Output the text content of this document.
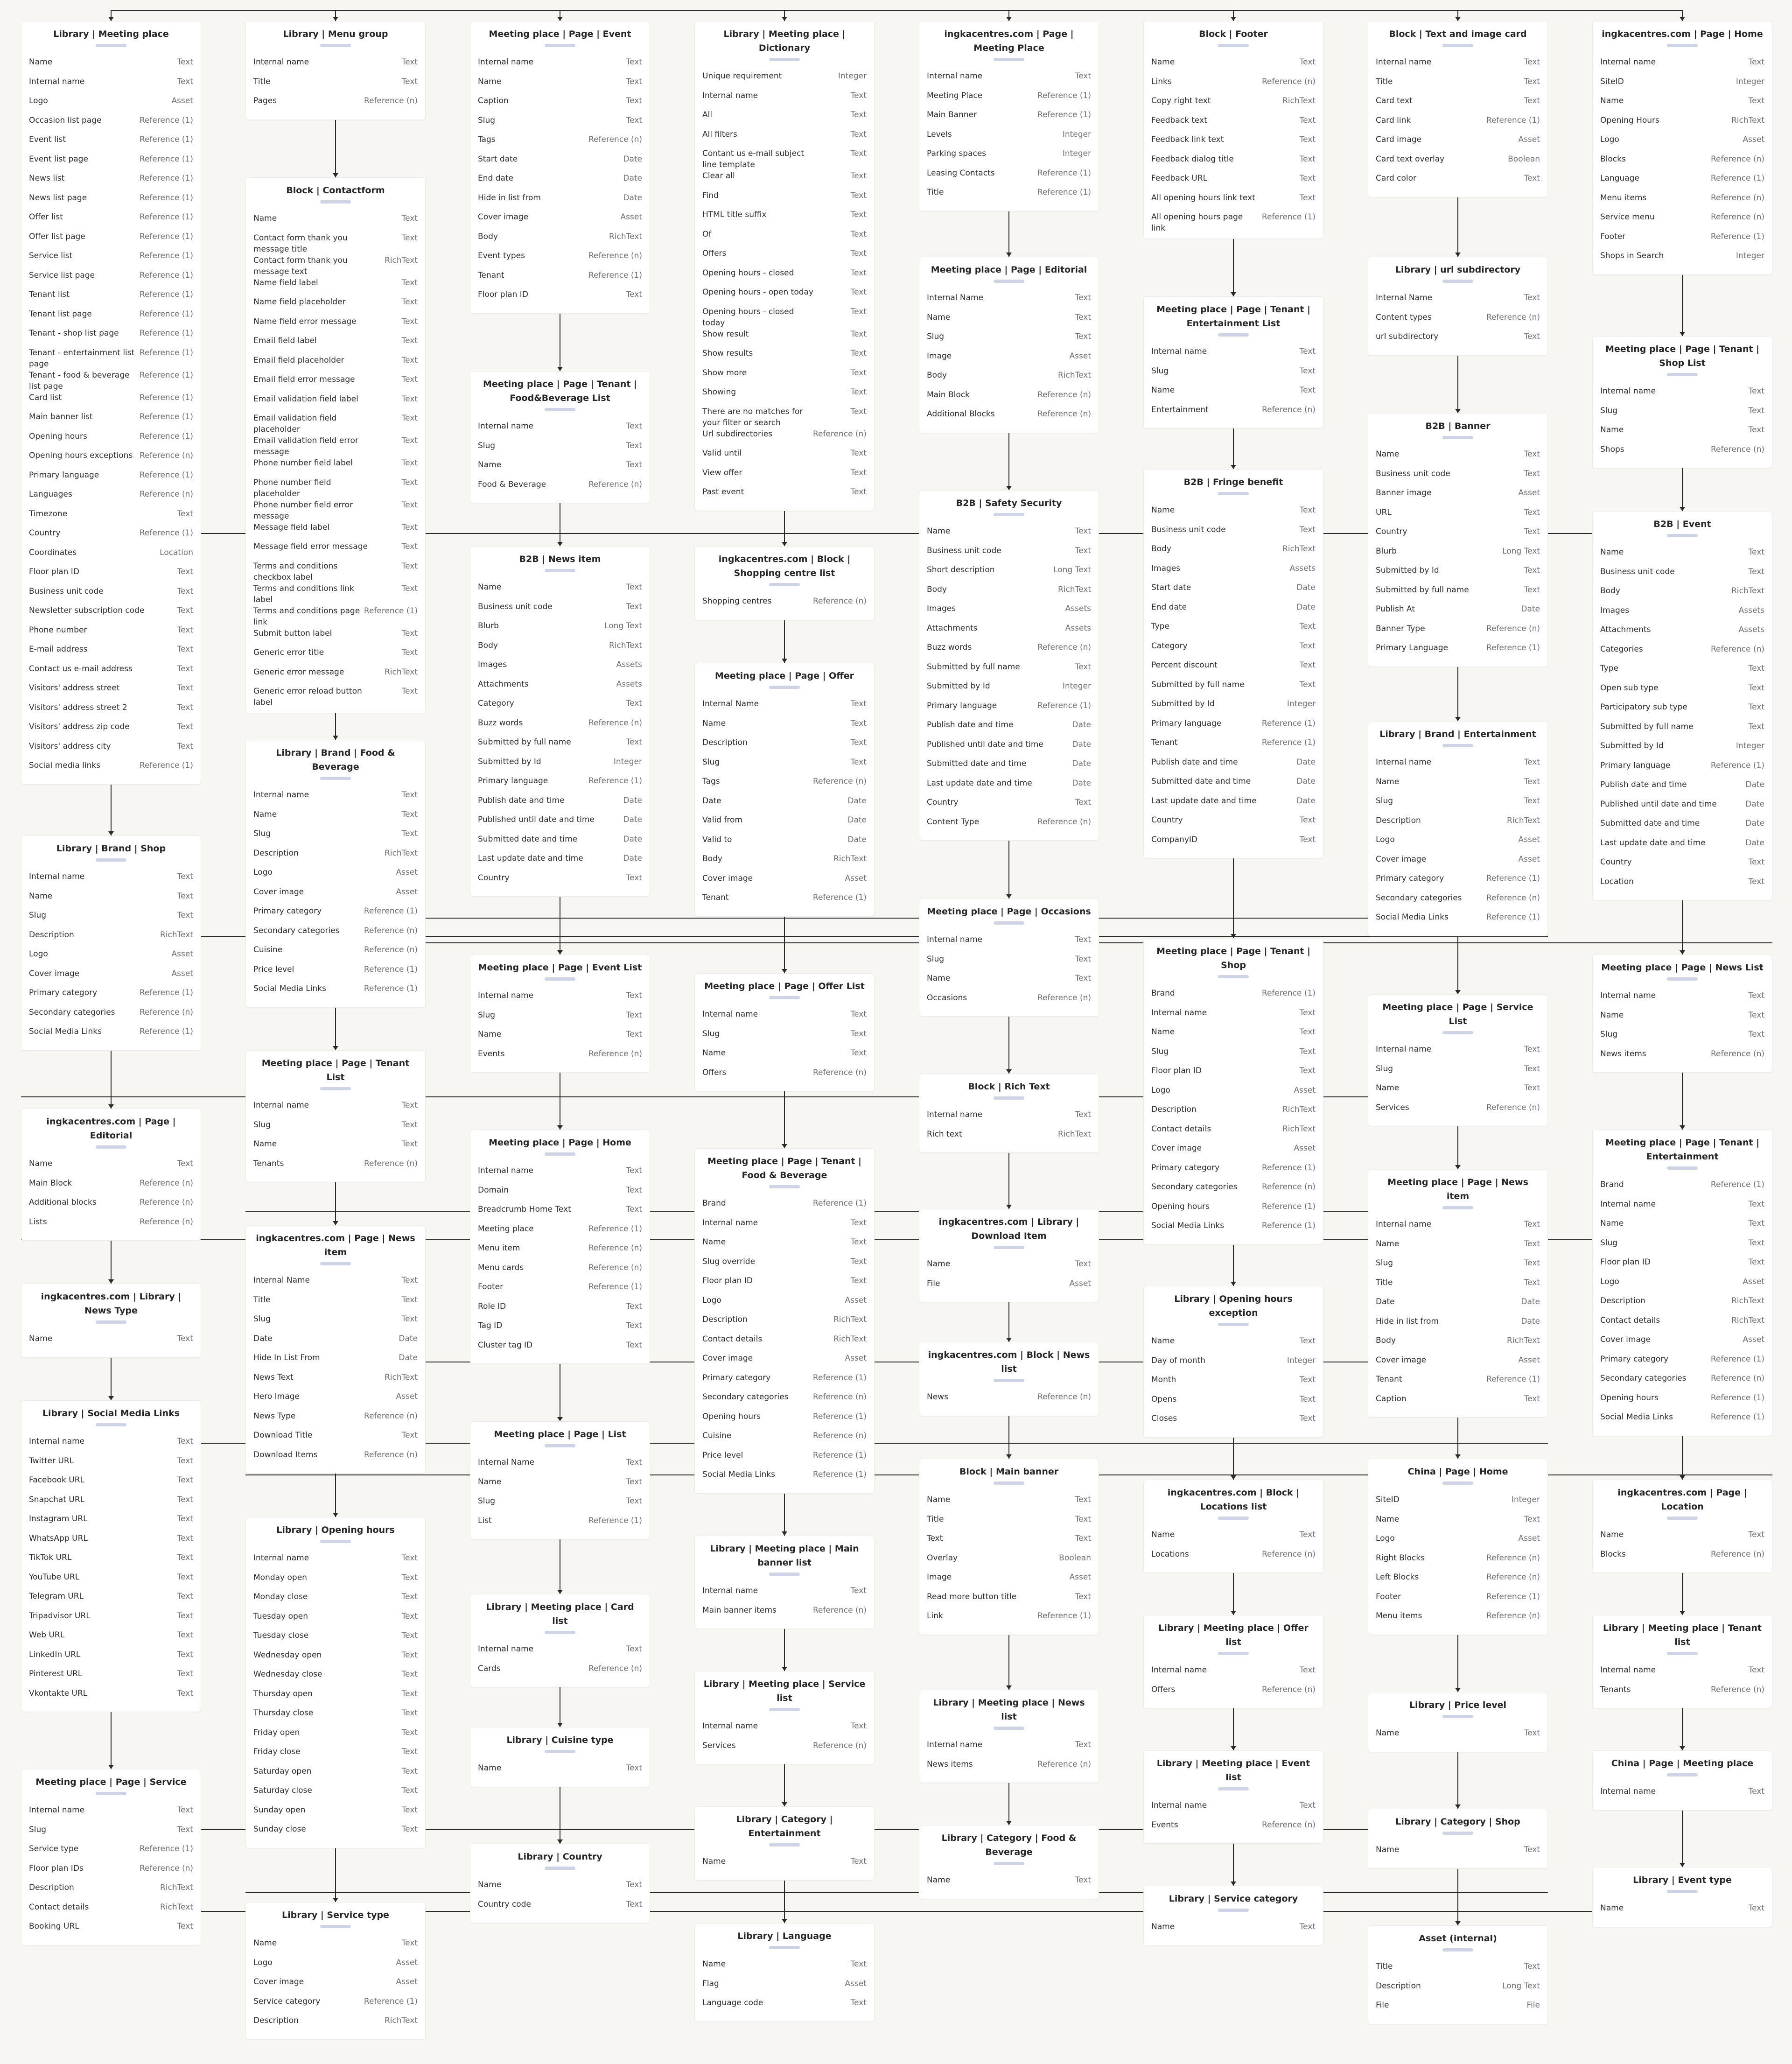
Library | Meeting place
Name	Text
Internal name	Text
Logo	Asset
Occasion list page	Reference (1)
Event list	Reference (1)
Event list page	Reference (1)
News list	Reference (1)
News list page	Reference (1)
Offer list	Reference (1)
Offer list page	Reference (1)
Service list	Reference (1)
Service list page	Reference (1)
Tenant list	Reference (1)
Tenant list page	Reference (1)
Tenant - shop list page	Reference (1)
Tenant - entertainment list page
Reference (1)
Tenant - food & beverage list page
Reference (1)
Card list	Reference (1)
Main banner list	Reference (1)
Opening hours	Reference (1)
Opening hours exceptions Reference (n)
Primary language	Reference (1)
Languages	Reference (n)
Timezone	Text
Country	Reference (1)
Coordinates	Location
Floor plan ID	Text
Business unit code	Text
Newsletter subscription code	Text
Phone number	Text
E-mail address	Text
Contact us e-mail address	Text
Visitors' address street	Text
Visitors' address street 2	Text
Visitors' address zip code	Text
Visitors' address city	Text
Social media links	Reference (1)
Library | Brand | Shop
Internal name	Text
Name	Text
Slug	Text
Description	RichText
Logo	Asset
Cover image	Asset
Primary category	Reference (1)
Secondary categories	Reference (n)
Social Media Links	Reference (1)
ingkacentres.com | Page | Editorial
Name	Text
Main Block	Reference (n)
Additional blocks	Reference (n)
Lists	Reference (n)
ingkacentres.com | Library | News Type
Name	Text
Library | Social Media Links
Internal name	Text
Twitter URL	Text
Facebook URL	Text
Snapchat URL	Text
Instagram URL	Text
WhatsApp URL	Text
TikTok URL	Text
YouTube URL	Text
Telegram URL	Text
Tripadvisor URL	Text
Web URL	Text
LinkedIn URL	Text
Pinterest URL	Text
Vkontakte URL	Text
Meeting place | Page | Service
Internal name	Text
Slug	Text
Service type	Reference (1)
Floor plan IDs	Reference (n)
Description	RichText
Contact details	RichText
Booking URL	Text
Library | Menu group
Internal name	Text
Title	Text
Pages	Reference (n)
Block | Contactform
Name	Text
Contact form thank you message title
Text
Contact form thank you message text
RichText
Name field label	Text
Name field placeholder	Text
Name field error message	Text
Email field label	Text
Email field placeholder	Text
Email field error message	Text
Email validation field label	Text
Email validation field placeholder
Text
Email validation field error message
Text
Phone number field label	Text
Phone number field placeholder
Text
Phone number field error message
Text
Message field label	Text
Message field error message	Text
Terms and conditions checkbox label
Text
Terms and conditions link label
Text
Terms and conditions page link
Reference (1)
Submit button label	Text
Generic error title	Text
Generic error message	RichText
Generic error reload button label
Text
Library | Brand | Food & Beverage
Internal name	Text
Name	Text
Slug	Text
Description	RichText
Logo	Asset
Cover image	Asset
Primary category	Reference (1)
Secondary categories	Reference (n)
Cuisine	Reference (n)
Price level	Reference (1)
Social Media Links	Reference (1)
Meeting place | Page | Tenant List
Internal name	Text
Slug	Text
Name	Text
Tenants	Reference (n)
ingkacentres.com | Page | News item
Internal Name	Text
Title	Text
Slug	Text
Date	Date
Hide In List From	Date
News Text	RichText
Hero Image	Asset
News Type	Reference (n)
Download Title	Text
Download Items	Reference (n)
Library | Opening hours
Internal name	Text
Monday open	Text
Monday close	Text
Tuesday open	Text
Tuesday close	Text
Wednesday open	Text
Wednesday close	Text
Thursday open	Text
Thursday close	Text
Friday open	Text
Friday close	Text
Saturday open	Text
Saturday close	Text
Sunday open	Text
Sunday close	Text
Library | Service type
Name	Text
Logo	Asset
Cover image	Asset
Service category	Reference (1)
Description	RichText
Meeting place | Page | Event
Internal name	Text
Name	Text
Caption	Text
Slug	Text
Tags	Reference (n)
Start date	Date
End date	Date
Hide in list from	Date
Cover image	Asset
Body	RichText
Event types	Reference (n)
Tenant	Reference (1)
Floor plan ID	Text
Meeting place | Page | Tenant | Food&Beverage List
Internal name	Text
Slug	Text
Name	Text
Food & Beverage	Reference (n)
B2B | News item
Name	Text
Business unit code	Text
Blurb	Long Text
Body	RichText
Images	Assets
Attachments	Assets
Category	Text
Buzz words	Reference (n)
Submitted by full name	Text
Submitted by Id	Integer
Primary language	Reference (1)
Publish date and time	Date
Published until date and time	Date
Submitted date and time	Date
Last update date and time	Date
Country	Text
Meeting place | Page | Event List
Internal name	Text
Slug	Text
Name	Text
Events	Reference (n)
Meeting place | Page | Home
Internal name	Text
Domain	Text
Breadcrumb Home Text	Text
Meeting place	Reference (1)
Menu item	Reference (n)
Menu cards	Reference (n)
Footer	Reference (1)
Role ID	Text
Tag ID	Text
Cluster tag ID	Text
Meeting place | Page | List
Internal Name	Text
Name	Text
Slug	Text
List	Reference (1)
Library | Meeting place | Card list
Internal name	Text
Cards	Reference (n)
Library | Cuisine type
Name	Text
Library | Country
Name	Text
Country code	Text
Library | Meeting place | Dictionary
Unique requirement	Integer
Internal name	Text
All	Text
All filters	Text
Contant us e-mail subject line template
Text
Clear all	Text
Find	Text
HTML title suffix	Text
Of	Text
Offers	Text
Opening hours - closed	Text
Opening hours - open today	Text
Opening hours - closed today
Text
Show result	Text
Show results	Text
Show more	Text
Showing	Text
There are no matches for your filter or search
Text
Url subdirectories	Reference (n)
Valid until	Text
View offer	Text
Past event	Text
ingkacentres.com | Block | Shopping centre list
Shopping centres	Reference (n)
Meeting place | Page | Offer
Internal Name	Text
Name	Text
Description	Text
Slug	Text
Tags	Reference (n)
Date	Date
Valid from	Date
Valid to	Date
Body	RichText
Cover image	Asset
Tenant	Reference (1)
Meeting place | Page | Offer List
Internal name	Text
Slug	Text
Name	Text
Offers	Reference (n)
Meeting place | Page | Tenant | Food & Beverage
Brand	Reference (1)
Internal name	Text
Name	Text
Slug override	Text
Floor plan ID	Text
Logo	Asset
Description	RichText
Contact details	RichText
Cover image	Asset
Primary category	Reference (1)
Secondary categories	Reference (n)
Opening hours	Reference (1)
Cuisine	Reference (n)
Price level	Reference (1)
Social Media Links	Reference (1)
Library | Meeting place | Main banner list
Internal name	Text
Main banner items	Reference (n)
Library | Meeting place | Service list
Internal name	Text
Services	Reference (n)
Library | Category | Entertainment
Name	Text
Library | Language
Name	Text
Flag	Asset
Language code	Text
ingkacentres.com | Page | Meeting Place
Internal name	Text
Meeting Place	Reference (1)
Main Banner	Reference (1)
Levels	Integer
Parking spaces	Integer
Leasing Contacts	Reference (1)
Title	Reference (1)
Meeting place | Page | Editorial
Internal Name	Text
Name	Text
Slug	Text
Image	Asset
Body	RichText
Main Block	Reference (n)
Additional Blocks	Reference (n)
B2B | Safety Security
Name	Text
Business unit code	Text
Short description	Long Text
Body	RichText
Images	Assets
Attachments	Assets
Buzz words	Reference (n)
Submitted by full name	Text
Submitted by Id	Integer
Primary language	Reference (1)
Publish date and time	Date
Published until date and time	Date
Submitted date and time	Date
Last update date and time	Date
Country	Text
Content Type	Reference (n)
Meeting place | Page | Occasions
Internal name	Text
Slug	Text
Name	Text
Occasions	Reference (n)
Block | Rich Text
Internal name	Text
Rich text	RichText
ingkacentres.com | Library | Download Item
Name	Text
File	Asset
ingkacentres.com | Block | News list
News	Reference (n)
Block | Main banner
Name	Text
Title	Text
Text	Text
Overlay	Boolean
Image	Asset
Read more button title	Text
Link	Reference (1)
Library | Meeting place | News list
Internal name	Text
News items	Reference (n)
Library | Category | Food & Beverage
Name	Text
Block | Footer
Name	Text
Links	Reference (n)
Copy right text	RichText
Feedback text	Text
Feedback link text	Text
Feedback dialog title	Text
Feedback URL	Text
All opening hours link text	Text
All opening hours page link
Reference (1)
Meeting place | Page | Tenant | Entertainment List
Internal name	Text
Slug	Text
Name	Text
Entertainment	Reference (n)
B2B | Fringe benefit
Name	Text
Business unit code	Text
Body	RichText
Images	Assets
Start date	Date
End date	Date
Type	Text
Category	Text
Percent discount	Text
Submitted by full name	Text
Submitted by Id	Integer
Primary language	Reference (1)
Tenant	Reference (1)
Publish date and time	Date
Submitted date and time	Date
Last update date and time	Date
Country	Text
CompanyID	Text
Meeting place | Page | Tenant | Shop
Brand	Reference (1)
Internal name	Text
Name	Text
Slug	Text
Floor plan ID	Text
Logo	Asset
Description	RichText
Contact details	RichText
Cover image	Asset
Primary category	Reference (1)
Secondary categories	Reference (n)
Opening hours	Reference (1)
Social Media Links	Reference (1)
Library | Opening hours exception
Name	Text
Day of month	Integer
Month	Text
Opens	Text
Closes	Text
ingkacentres.com | Block | Locations list
Name	Text
Locations	Reference (n)
Library | Meeting place | Offer list
Internal name	Text
Offers	Reference (n)
Library | Meeting place | Event list
Internal name	Text
Events	Reference (n)
Library | Service category
Name	Text
Block | Text and image card
Internal name	Text
Title	Text
Card text	Text
Card link	Reference (1)
Card image	Asset
Card text overlay	Boolean
Card color	Text
Library | url subdirectory
Internal Name	Text
Content types	Reference (n)
url subdirectory	Text
B2B | Banner
Name	Text
Business unit code	Text
Banner image	Asset
URL	Text
Country	Text
Blurb	Long Text
Submitted by Id	Text
Submitted by full name	Text
Publish At	Date
Banner Type	Reference (n)
Primary Language	Reference (1)
Library | Brand | Entertainment
Internal name	Text
Name	Text
Slug	Text
Description	RichText
Logo	Asset
Cover image	Asset
Primary category	Reference (1)
Secondary categories	Reference (n)
Social Media Links	Reference (1)
Meeting place | Page | Service List
Internal name	Text
Slug	Text
Name	Text
Services	Reference (n)
Meeting place | Page | News item
Internal name	Text
Name	Text
Slug	Text
Title	Text
Date	Date
Hide in list from	Date
Body	RichText
Cover image	Asset
Tenant	Reference (1)
Caption	Text
China | Page | Home
SiteID	Integer
Name	Text
Logo	Asset
Right Blocks	Reference (n)
Left Blocks	Reference (n)
Footer	Reference (1)
Menu items	Reference (n)
Library | Price level
Name	Text
Library | Category | Shop
Name	Text
Asset (internal)
Title	Text
Description	Long Text
File	File
ingkacentres.com | Page | Home
Internal name	Text
SiteID	Integer
Name	Text
Opening Hours	RichText
Logo	Asset
Blocks	Reference (n)
Language	Reference (1)
Menu items	Reference (n)
Service menu	Reference (n)
Footer	Reference (1)
Shops in Search	Integer
Meeting place | Page | Tenant | Shop List
Internal name	Text
Slug	Text
Name	Text
Shops	Reference (n)
B2B | Event
Name	Text
Business unit code	Text
Body	RichText
Images	Assets
Attachments	Assets
Categories	Reference (n)
Type	Text
Open sub type	Text
Participatory sub type	Text
Submitted by full name	Text
Submitted by Id	Integer
Primary language	Reference (1)
Publish date and time	Date
Published until date and time	Date
Submitted date and time	Date
Last update date and time	Date
Country	Text
Location	Text
Meeting place | Page | News List
Internal name	Text
Name	Text
Slug	Text
News items	Reference (n)
Meeting place | Page | Tenant | Entertainment
Brand	Reference (1)
Internal name	Text
Name	Text
Slug	Text
Floor plan ID	Text
Logo	Asset
Description	RichText
Contact details	RichText
Cover image	Asset
Primary category	Reference (1)
Secondary categories	Reference (n)
Opening hours	Reference (1)
Social Media Links	Reference (1)
ingkacentres.com | Page | Location
Name	Text
Blocks	Reference (n)
Library | Meeting place | Tenant list
Internal name	Text
Tenants	Reference (n)
China | Page | Meeting place
Internal name	Text
Library | Event type
Name	Text
